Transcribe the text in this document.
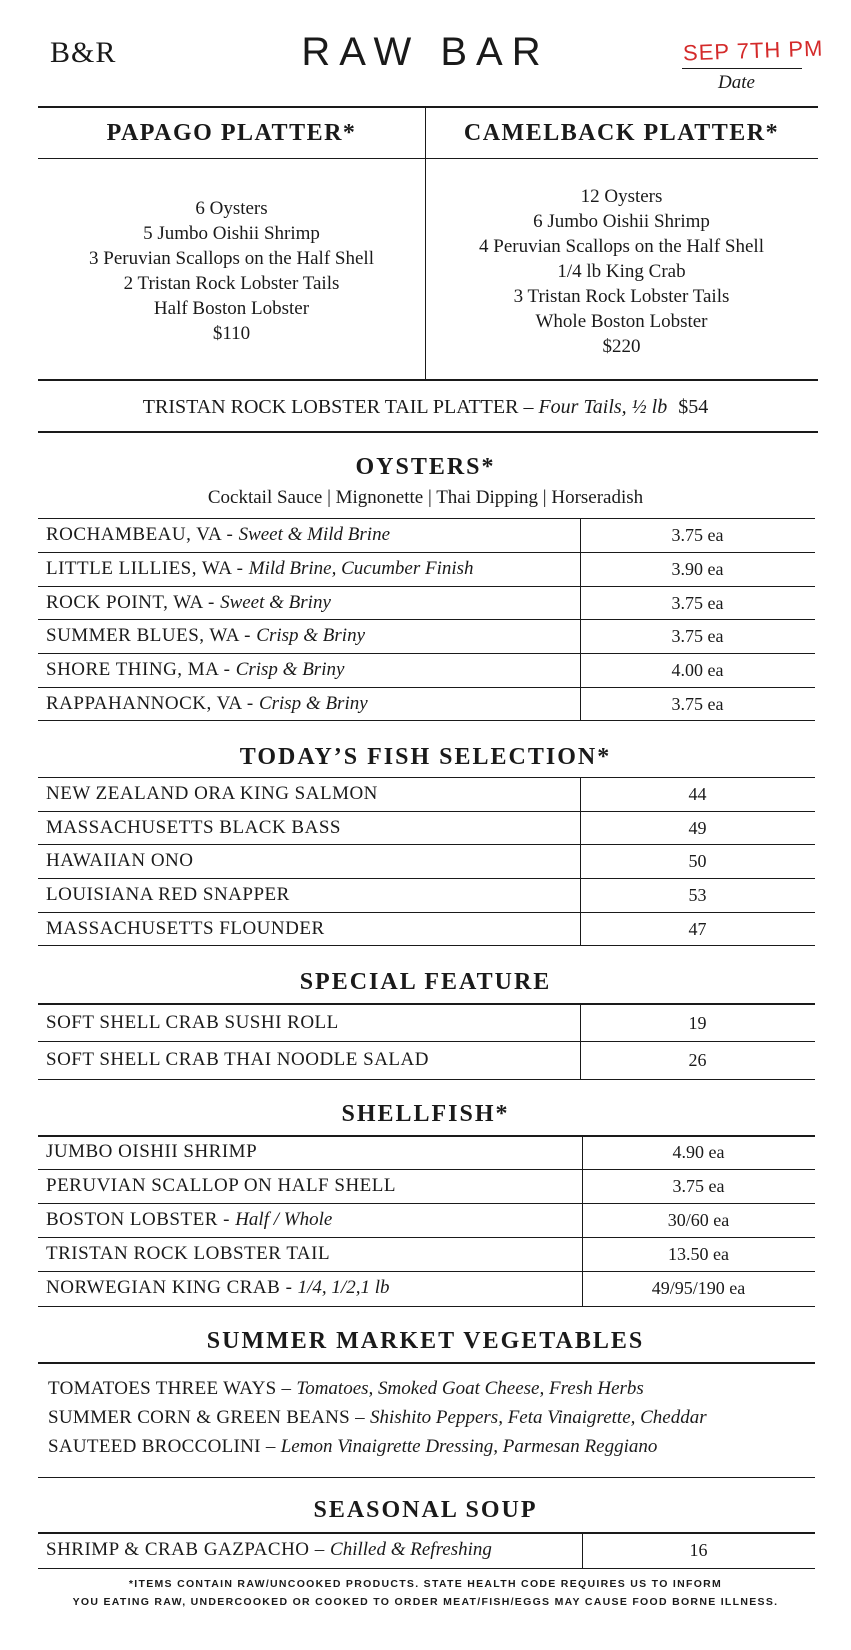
B&R	RAW BAR	SEP 7TH PM
Date
PAPAGO PLATTER*	CAMELBACK PLATTER*
6 Oysters
5 Jumbo Oishii Shrimp
3 Peruvian Scallops on the Half Shell
2 Tristan Rock Lobster Tails
Half Boston Lobster
$110
12 Oysters
6 Jumbo Oishii Shrimp
4 Peruvian Scallops on the Half Shell
1/4 lb King Crab
3 Tristan Rock Lobster Tails
Whole Boston Lobster
$220
TRISTAN ROCK LOBSTER TAIL PLATTER – Four Tails, ½ lb $54
OYSTERS*
Cocktail Sauce | Mignonette | Thai Dipping | Horseradish
ROCHAMBEAU, VA - Sweet & Mild Brine	3.75 ea
LITTLE LILLIES, WA - Mild Brine, Cucumber Finish	3.90 ea
ROCK POINT, WA - Sweet & Briny	3.75 ea
SUMMER BLUES, WA - Crisp & Briny	3.75 ea
SHORE THING, MA - Crisp & Briny	4.00 ea
RAPPAHANNOCK, VA - Crisp & Briny	3.75 ea
TODAY’S FISH SELECTION*
NEW ZEALAND ORA KING SALMON	44
MASSACHUSETTS BLACK BASS	49
HAWAIIAN ONO	50
LOUISIANA RED SNAPPER	53
MASSACHUSETTS FLOUNDER	47
SPECIAL FEATURE
SOFT SHELL CRAB SUSHI ROLL	19
SOFT SHELL CRAB THAI NOODLE SALAD	26
SHELLFISH*
JUMBO OISHII SHRIMP	4.90 ea
PERUVIAN SCALLOP ON HALF SHELL	3.75 ea
BOSTON LOBSTER - Half / Whole	30/60 ea
TRISTAN ROCK LOBSTER TAIL	13.50 ea
NORWEGIAN KING CRAB - 1/4, 1/2,1 lb	49/95/190 ea
SUMMER MARKET VEGETABLES
TOMATOES THREE WAYS – Tomatoes, Smoked Goat Cheese, Fresh Herbs
SUMMER CORN & GREEN BEANS – Shishito Peppers, Feta Vinaigrette, Cheddar
SAUTEED BROCCOLINI – Lemon Vinaigrette Dressing, Parmesan Reggiano
SEASONAL SOUP
SHRIMP & CRAB GAZPACHO – Chilled & Refreshing	16
*ITEMS CONTAIN RAW/UNCOOKED PRODUCTS. STATE HEALTH CODE REQUIRES US TO INFORM
YOU EATING RAW, UNDERCOOKED OR COOKED TO ORDER MEAT/FISH/EGGS MAY CAUSE FOOD BORNE ILLNESS.
